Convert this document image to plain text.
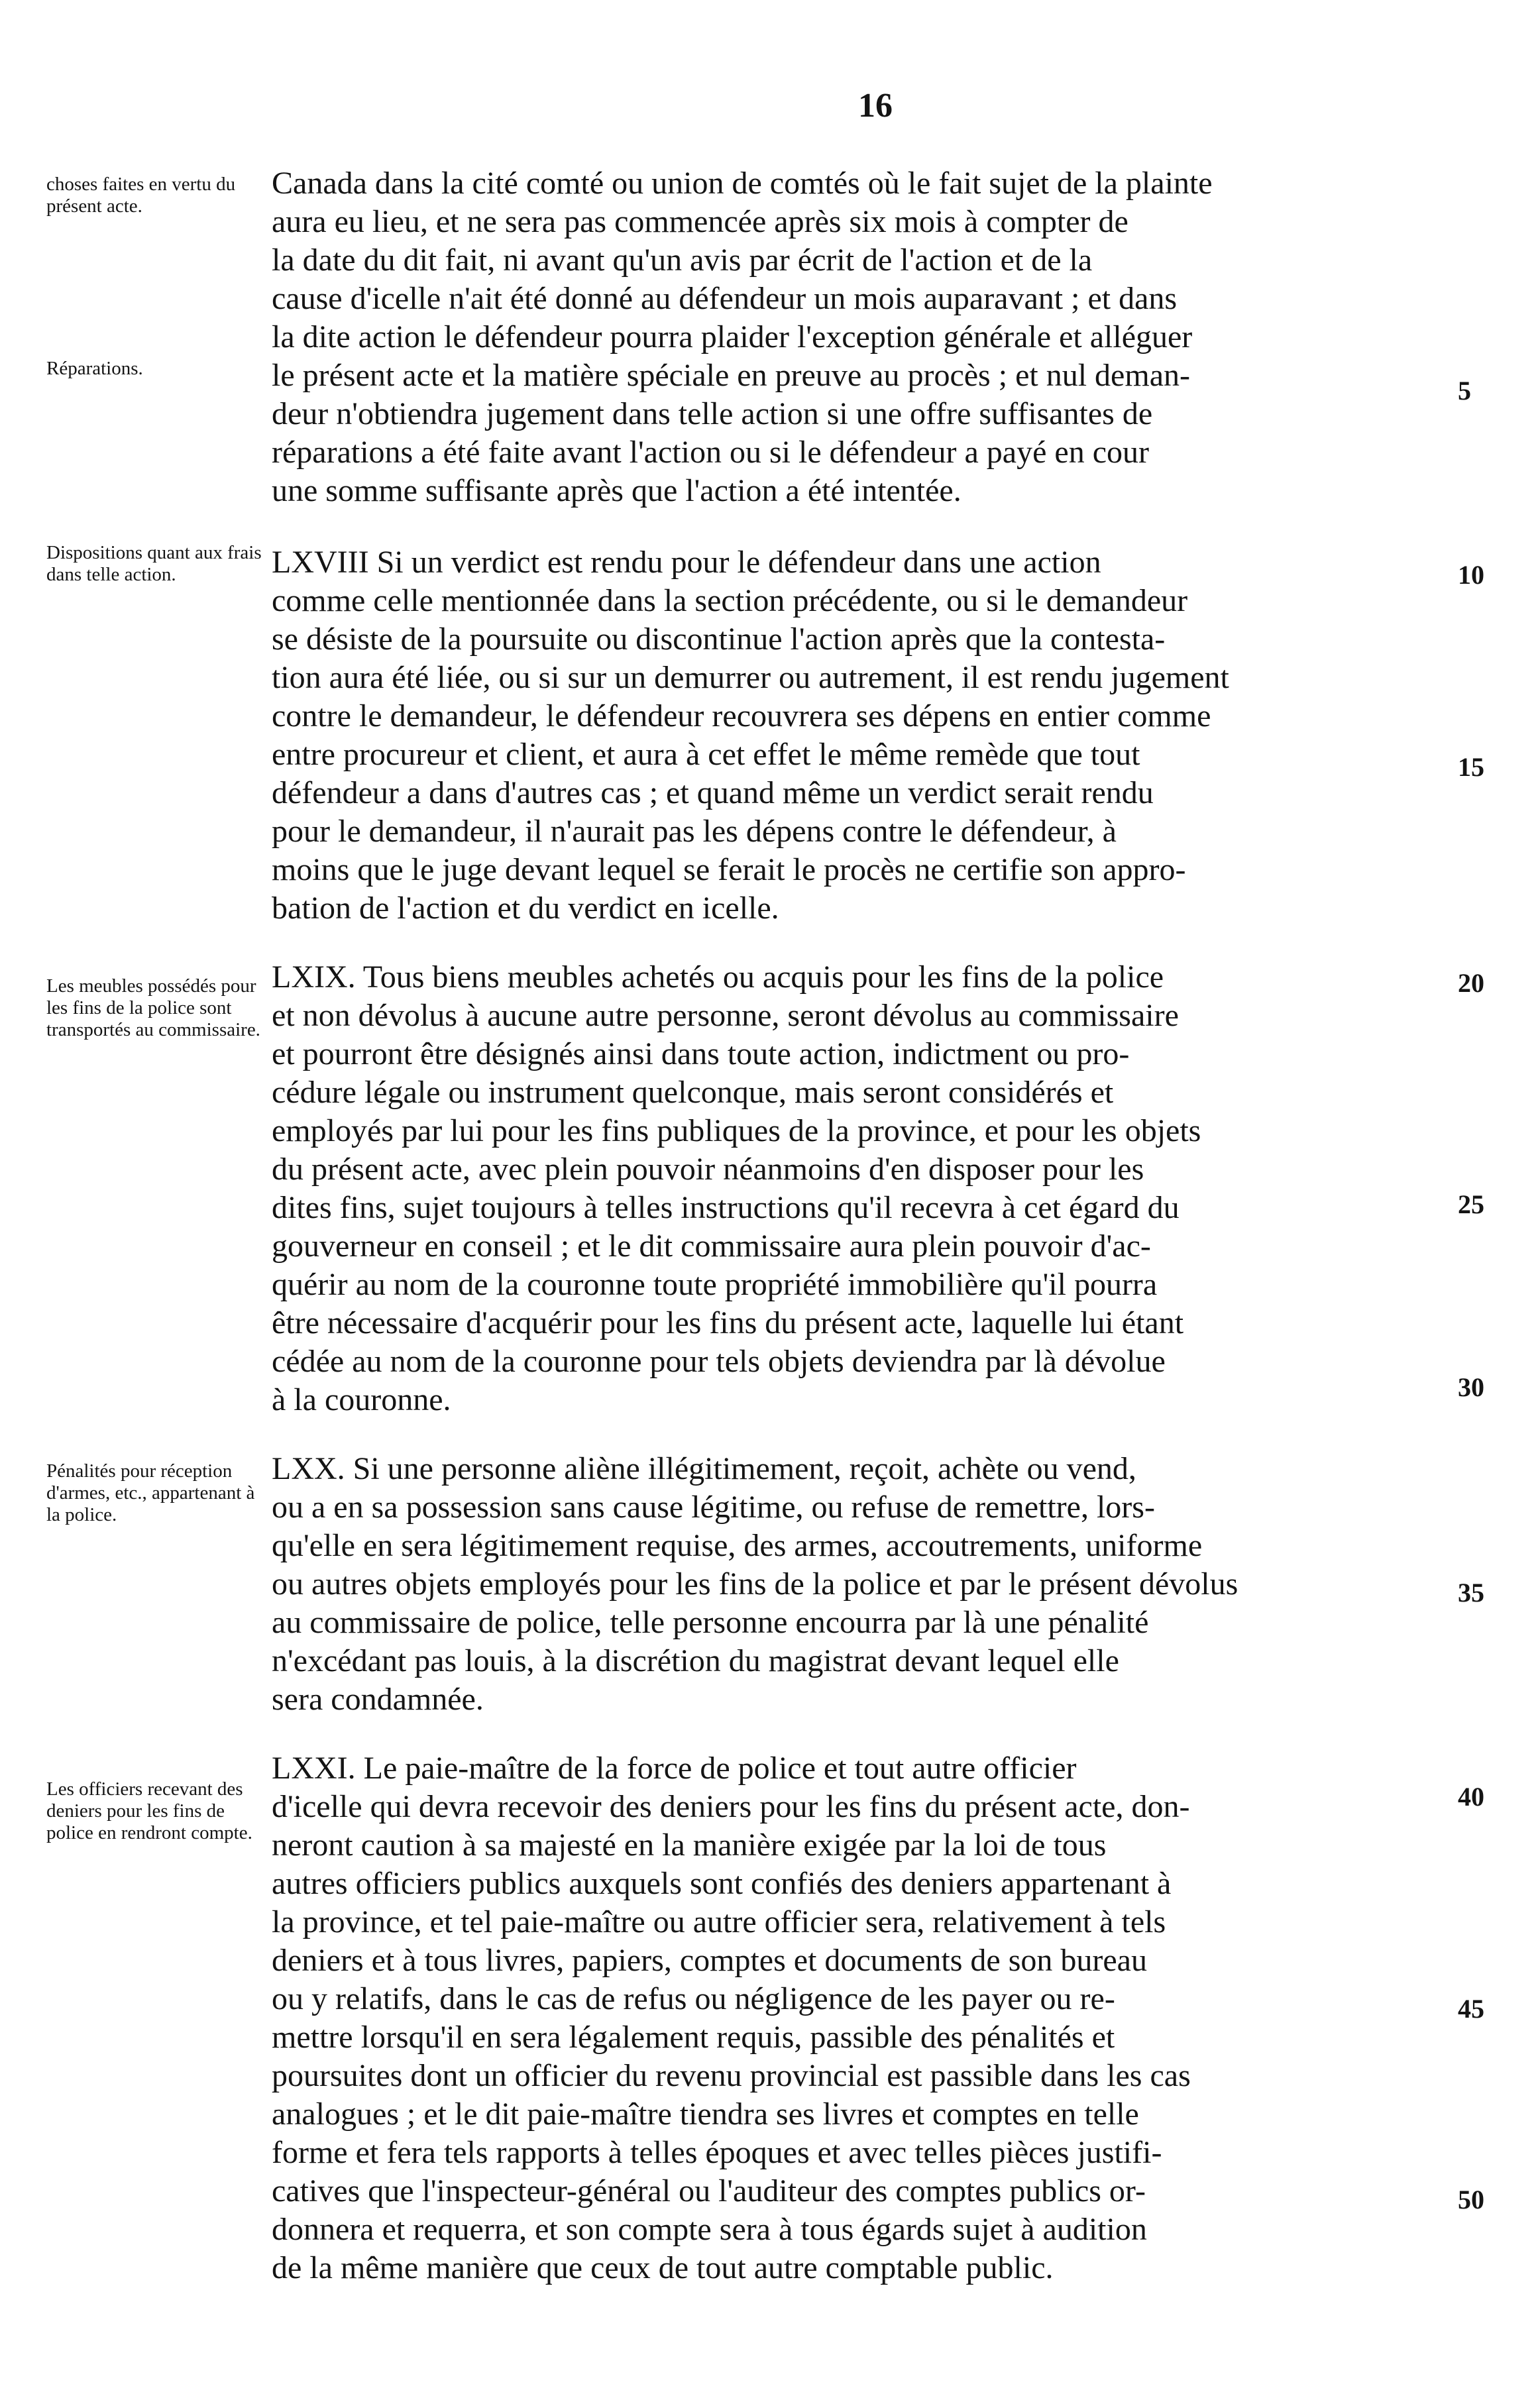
16
choses faites en vertu du présent acte.
Réparations.
Dispositions quant aux frais dans telle action.
Les meubles possédés pour les fins de la police sont transportés au commissaire.
Pénalités pour réception d'armes, etc., appartenant à la police.
Les officiers recevant des deniers pour les fins de police en rendront compte.
5
10
15
20
25
30
35
40
45
50
Canada dans la cité comté ou union de comtés où le fait sujet de la plainte
aura eu lieu, et ne sera pas commencée après six mois à compter de
la date du dit fait, ni avant qu'un avis par écrit de l'action et de la
cause d'icelle n'ait été donné au défendeur un mois auparavant ; et dans
la dite action le défendeur pourra plaider l'exception générale et alléguer
le présent acte et la matière spéciale en preuve au procès ; et nul deman-
deur n'obtiendra jugement dans telle action si une offre suffisantes de
réparations a été faite avant l'action ou si le défendeur a payé en cour
une somme suffisante après que l'action a été intentée.
LXVIII Si un verdict est rendu pour le défendeur dans une action
comme celle mentionnée dans la section précédente, ou si le demandeur
se désiste de la poursuite ou discontinue l'action après que la contesta-
tion aura été liée, ou si sur un demurrer ou autrement, il est rendu jugement
contre le demandeur, le défendeur recouvrera ses dépens en entier comme
entre procureur et client, et aura à cet effet le même remède que tout
défendeur a dans d'autres cas ; et quand même un verdict serait rendu
pour le demandeur, il n'aurait pas les dépens contre le défendeur, à
moins que le juge devant lequel se ferait le procès ne certifie son appro-
bation de l'action et du verdict en icelle.
LXIX. Tous biens meubles achetés ou acquis pour les fins de la police
et non dévolus à aucune autre personne, seront dévolus au commissaire
et pourront être désignés ainsi dans toute action, indictment ou pro-
cédure légale ou instrument quelconque, mais seront considérés et
employés par lui pour les fins publiques de la province, et pour les objets
du présent acte, avec plein pouvoir néanmoins d'en disposer pour les
dites fins, sujet toujours à telles instructions qu'il recevra à cet égard du
gouverneur en conseil ; et le dit commissaire aura plein pouvoir d'ac-
quérir au nom de la couronne toute propriété immobilière qu'il pourra
être nécessaire d'acquérir pour les fins du présent acte, laquelle lui étant
cédée au nom de la couronne pour tels objets deviendra par là dévolue
à la couronne.
LXX. Si une personne aliène illégitimement, reçoit, achète ou vend,
ou a en sa possession sans cause légitime, ou refuse de remettre, lors-
qu'elle en sera légitimement requise, des armes, accoutrements, uniforme
ou autres objets employés pour les fins de la police et par le présent dévolus
au commissaire de police, telle personne encourra par là une pénalité
n'excédant pas louis, à la discrétion du magistrat devant lequel elle
sera condamnée.
LXXI. Le paie-maître de la force de police et tout autre officier
d'icelle qui devra recevoir des deniers pour les fins du présent acte, don-
neront caution à sa majesté en la manière exigée par la loi de tous
autres officiers publics auxquels sont confiés des deniers appartenant à
la province, et tel paie-maître ou autre officier sera, relativement à tels
deniers et à tous livres, papiers, comptes et documents de son bureau
ou y relatifs, dans le cas de refus ou négligence de les payer ou re-
mettre lorsqu'il en sera légalement requis, passible des pénalités et
poursuites dont un officier du revenu provincial est passible dans les cas
analogues ; et le dit paie-maître tiendra ses livres et comptes en telle
forme et fera tels rapports à telles époques et avec telles pièces justifi-
catives que l'inspecteur-général ou l'auditeur des comptes publics or-
donnera et requerra, et son compte sera à tous égards sujet à audition
de la même manière que ceux de tout autre comptable public.
